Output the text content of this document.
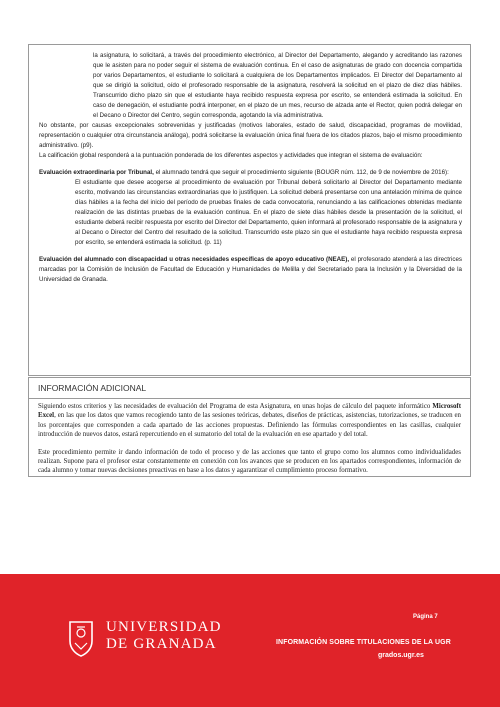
la asignatura, lo solicitará, a través del procedimiento electrónico, al Director del Departamento, alegando y acreditando las razones que le asisten para no poder seguir el sistema de evaluación continua. En el caso de asignaturas de grado con docencia compartida por varios Departamentos, el estudiante lo solicitará a cualquiera de los Departamentos implicados. El Director del Departamento al que se dirigió la solicitud, oído el profesorado responsable de la asignatura, resolverá la solicitud en el plazo de diez días hábiles. Transcurrido dicho plazo sin que el estudiante haya recibido respuesta expresa por escrito, se entenderá estimada la solicitud. En caso de denegación, el estudiante podrá interponer, en el plazo de un mes, recurso de alzada ante el Rector, quien podrá delegar en el Decano o Director del Centro, según corresponda, agotando la vía administrativa.

No obstante, por causas excepcionales sobrevenidas y justificadas (motivos laborales, estado de salud, discapacidad, programas de movilidad, representación o cualquier otra circunstancia análoga), podrá solicitarse la evaluación única final fuera de los citados plazos, bajo el mismo procedimiento administrativo. (p9).

La calificación global responderá a la puntuación ponderada de los diferentes aspectos y actividades que integran el sistema de evaluación:

Evaluación extraordinaria por Tribunal, el alumnado tendrá que seguir el procedimiento siguiente (BOUGR núm. 112, de 9 de noviembre de 2016):

El estudiante que desee acogerse al procedimiento de evaluación por Tribunal deberá solicitarlo al Director del Departamento mediante escrito, motivando las circunstancias extraordinarias que lo justifiquen. La solicitud deberá presentarse con una antelación mínima de quince días hábiles a la fecha del inicio del período de pruebas finales de cada convocatoria, renunciando a las calificaciones obtenidas mediante realización de las distintas pruebas de la evaluación continua. En el plazo de siete días hábiles desde la presentación de la solicitud, el estudiante deberá recibir respuesta por escrito del Director del Departamento, quien informará al profesorado responsable de la asignatura y al Decano o Director del Centro del resultado de la solicitud. Transcurrido este plazo sin que el estudiante haya recibido respuesta expresa por escrito, se entenderá estimada la solicitud. (p. 11)

Evaluación del alumnado con discapacidad u otras necesidades específicas de apoyo educativo (NEAE), el profesorado atenderá a las directrices marcadas por la Comisión de Inclusión de Facultad de Educación y Humanidades de Melilla y del Secretariado para la Inclusión y la Diversidad de la Universidad de Granada.

INFORMACIÓN ADICIONAL

Siguiendo estos criterios y las necesidades de evaluación del Programa de esta Asignatura, en unas hojas de cálculo del paquete informático Microsoft Excel, en las que los datos que vamos recogiendo tanto de las sesiones teóricas, debates, diseños de prácticas, asistencias, tutorizaciones, se traducen en los porcentajes que corresponden a cada apartado de las acciones propuestas. Definiendo las fórmulas correspondientes en las casillas, cualquier introducción de nuevos datos, estará repercutiendo en el sumatorio del total de la evaluación en ese apartado y del total.

Este procedimiento permite ir dando información de todo el proceso y de las acciones que tanto el grupo como los alumnos como individualidades realizan. Supone para el profesor estar constantemente en conexión con los avances que se producen en los apartados correspondientes, información de cada alumno y tomar nuevas decisiones preactivas en base a los datos y agarantizar el cumplimiento proceso formativo.

UNIVERSIDAD
DE GRANADA
Página 7
INFORMACIÓN SOBRE TITULACIONES DE LA UGR
grados.ugr.es
